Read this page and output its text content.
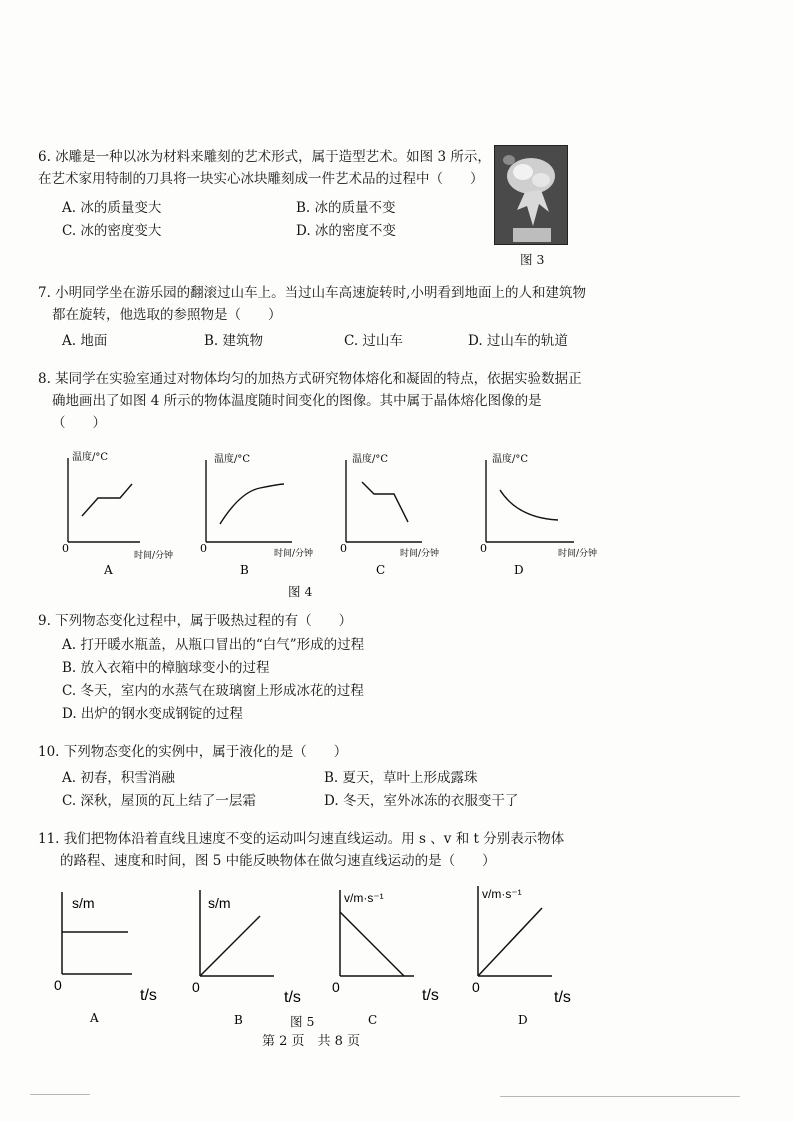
6. 冰雕是一种以冰为材料来雕刻的艺术形式，属于造型艺术。如图 3 所示，
在艺术家用特制的刀具将一块实心冰块雕刻成一件艺术品的过程中（　　）
A. 冰的质量变大	B. 冰的质量不变
C. 冰的密度变大	D. 冰的密度不变
图 3
7. 小明同学坐在游乐园的翻滚过山车上。当过山车高速旋转时,小明看到地面上的人和建筑物
都在旋转，他选取的参照物是（　　）
A. 地面	B. 建筑物	C. 过山车	D. 过山车的轨道
8. 某同学在实验室通过对物体均匀的加热方式研究物体熔化和凝固的特点，依据实验数据正
确地画出了如图 4 所示的物体温度随时间变化的图像。其中属于晶体熔化图像的是
（　　）
温度/°C
0
时间/分钟
A
温度/°C
0	时间/分钟
B
温度/°C
0	时间/分钟
C
温度/°C
0	时间/分钟
D
图 4
9. 下列物态变化过程中，属于吸热过程的有（　　）
A. 打开暖水瓶盖，从瓶口冒出的“白气”形成的过程
B. 放入衣箱中的樟脑球变小的过程
C. 冬天，室内的水蒸气在玻璃窗上形成冰花的过程
D. 出炉的钢水变成钢锭的过程
10. 下列物态变化的实例中，属于液化的是（　　）
A. 初春，积雪消融	B. 夏天，草叶上形成露珠
C. 深秋，屋顶的瓦上结了一层霜	D. 冬天，室外冰冻的衣服变干了
11. 我们把物体沿着直线且速度不变的运动叫匀速直线运动。用 s 、v 和 t 分别表示物体
的路程、速度和时间，图 5 中能反映物体在做匀速直线运动的是（　　）
s/m
0
t/s
A
s/m
0
t/s
B
v/m·s⁻¹
0	t/s
C
v/m·s⁻¹
0
t/s
D
图 5
第 2 页　共 8 页
